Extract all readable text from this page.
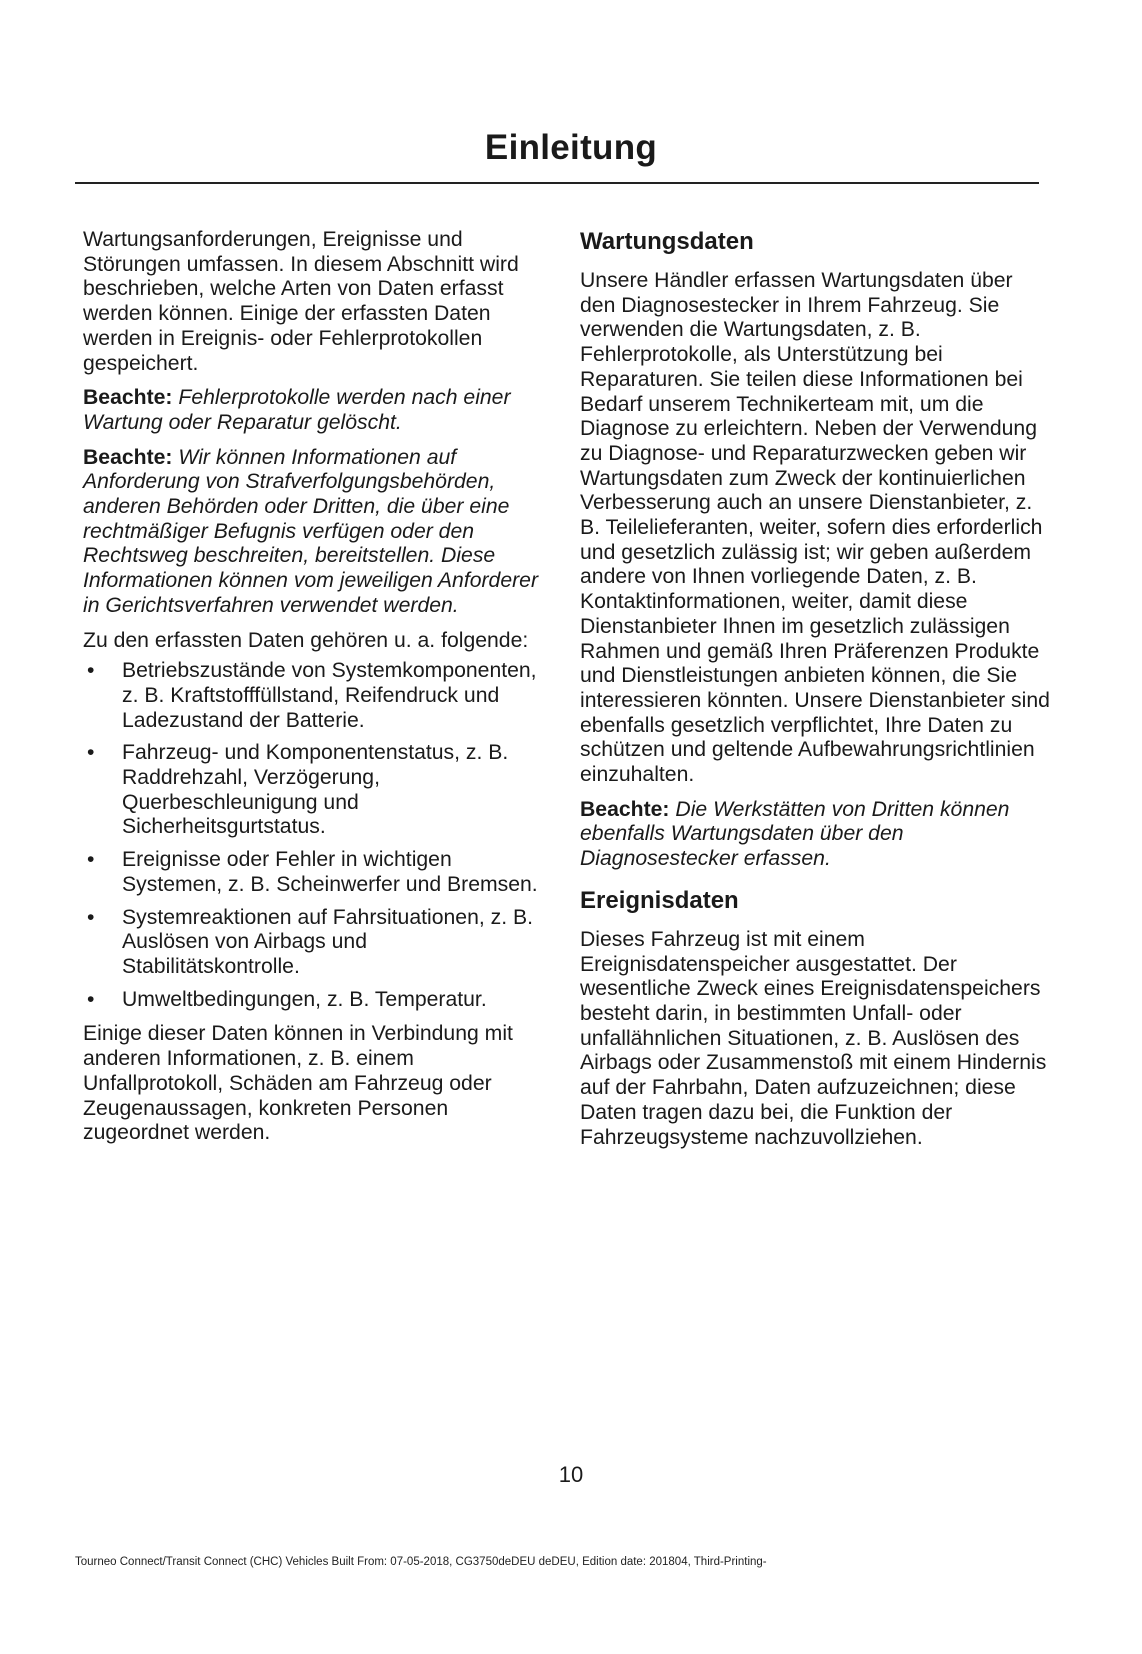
Einleitung

Wartungsanforderungen, Ereignisse und Störungen umfassen. In diesem Abschnitt wird beschrieben, welche Arten von Daten erfasst werden können. Einige der erfassten Daten werden in Ereignis- oder Fehlerprotokollen gespeichert.

Beachte: Fehlerprotokolle werden nach einer Wartung oder Reparatur gelöscht.

Beachte: Wir können Informationen auf Anforderung von Strafverfolgungsbehörden, anderen Behörden oder Dritten, die über eine rechtmäßiger Befugnis verfügen oder den Rechtsweg beschreiten, bereitstellen. Diese Informationen können vom jeweiligen Anforderer in Gerichtsverfahren verwendet werden.

Zu den erfassten Daten gehören u. a. folgende:

• Betriebszustände von Systemkomponenten, z. B. Kraftstofffüllstand, Reifendruck und Ladezustand der Batterie.
• Fahrzeug- und Komponentenstatus, z. B. Raddrehzahl, Verzögerung, Querbeschleunigung und Sicherheitsgurtstatus.
• Ereignisse oder Fehler in wichtigen Systemen, z. B. Scheinwerfer und Bremsen.
• Systemreaktionen auf Fahrsituationen, z. B. Auslösen von Airbags und Stabilitätskontrolle.
• Umweltbedingungen, z. B. Temperatur.

Einige dieser Daten können in Verbindung mit anderen Informationen, z. B. einem Unfallprotokoll, Schäden am Fahrzeug oder Zeugenaussagen, konkreten Personen zugeordnet werden.

Wartungsdaten

Unsere Händler erfassen Wartungsdaten über den Diagnosestecker in Ihrem Fahrzeug. Sie verwenden die Wartungsdaten, z. B. Fehlerprotokolle, als Unterstützung bei Reparaturen. Sie teilen diese Informationen bei Bedarf unserem Technikerteam mit, um die Diagnose zu erleichtern. Neben der Verwendung zu Diagnose- und Reparaturzwecken geben wir Wartungsdaten zum Zweck der kontinuierlichen Verbesserung auch an unsere Dienstanbieter, z. B. Teilelieferanten, weiter, sofern dies erforderlich und gesetzlich zulässig ist; wir geben außerdem andere von Ihnen vorliegende Daten, z. B. Kontaktinformationen, weiter, damit diese Dienstanbieter Ihnen im gesetzlich zulässigen Rahmen und gemäß Ihren Präferenzen Produkte und Dienstleistungen anbieten können, die Sie interessieren könnten. Unsere Dienstanbieter sind ebenfalls gesetzlich verpflichtet, Ihre Daten zu schützen und geltende Aufbewahrungsrichtlinien einzuhalten.

Beachte: Die Werkstätten von Dritten können ebenfalls Wartungsdaten über den Diagnosestecker erfassen.

Ereignisdaten

Dieses Fahrzeug ist mit einem Ereignisdatenspeicher ausgestattet. Der wesentliche Zweck eines Ereignisdatenspeichers besteht darin, in bestimmten Unfall- oder unfallähnlichen Situationen, z. B. Auslösen des Airbags oder Zusammenstoß mit einem Hindernis auf der Fahrbahn, Daten aufzuzeichnen; diese Daten tragen dazu bei, die Funktion der Fahrzeugsysteme nachzuvollziehen.

10
Tourneo Connect/Transit Connect (CHC) Vehicles Built From: 07-05-2018, CG3750deDEU deDEU, Edition date: 201804, Third-Printing-
